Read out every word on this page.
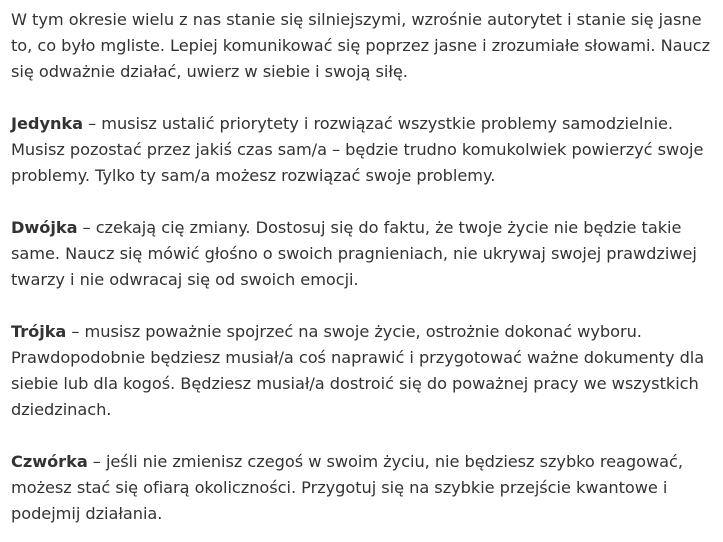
W tym okresie wielu z nas stanie się silniejszymi, wzrośnie autorytet i stanie się jasne to, co było mgliste. Lepiej komunikować się poprzez jasne i zrozumiałe słowami. Naucz się odważnie działać, uwierz w siebie i swoją siłę.

Jedynka – musisz ustalić priorytety i rozwiązać wszystkie problemy samodzielnie. Musisz pozostać przez jakiś czas sam/a – będzie trudno komukolwiek powierzyć swoje problemy. Tylko ty sam/a możesz rozwiązać swoje problemy.

Dwójka – czekają cię zmiany. Dostosuj się do faktu, że twoje życie nie będzie takie same. Naucz się mówić głośno o swoich pragnieniach, nie ukrywaj swojej prawdziwej twarzy i nie odwracaj się od swoich emocji.

Trójka – musisz poważnie spojrzeć na swoje życie, ostrożnie dokonać wyboru. Prawdopodobnie będziesz musiał/a coś naprawić i przygotować ważne dokumenty dla siebie lub dla kogoś. Będziesz musiał/a dostroić się do poważnej pracy we wszystkich dziedzinach.

Czwórka – jeśli nie zmienisz czegoś w swoim życiu, nie będziesz szybko reagować, możesz stać się ofiarą okoliczności. Przygotuj się na szybkie przejście kwantowe i podejmij działania.
